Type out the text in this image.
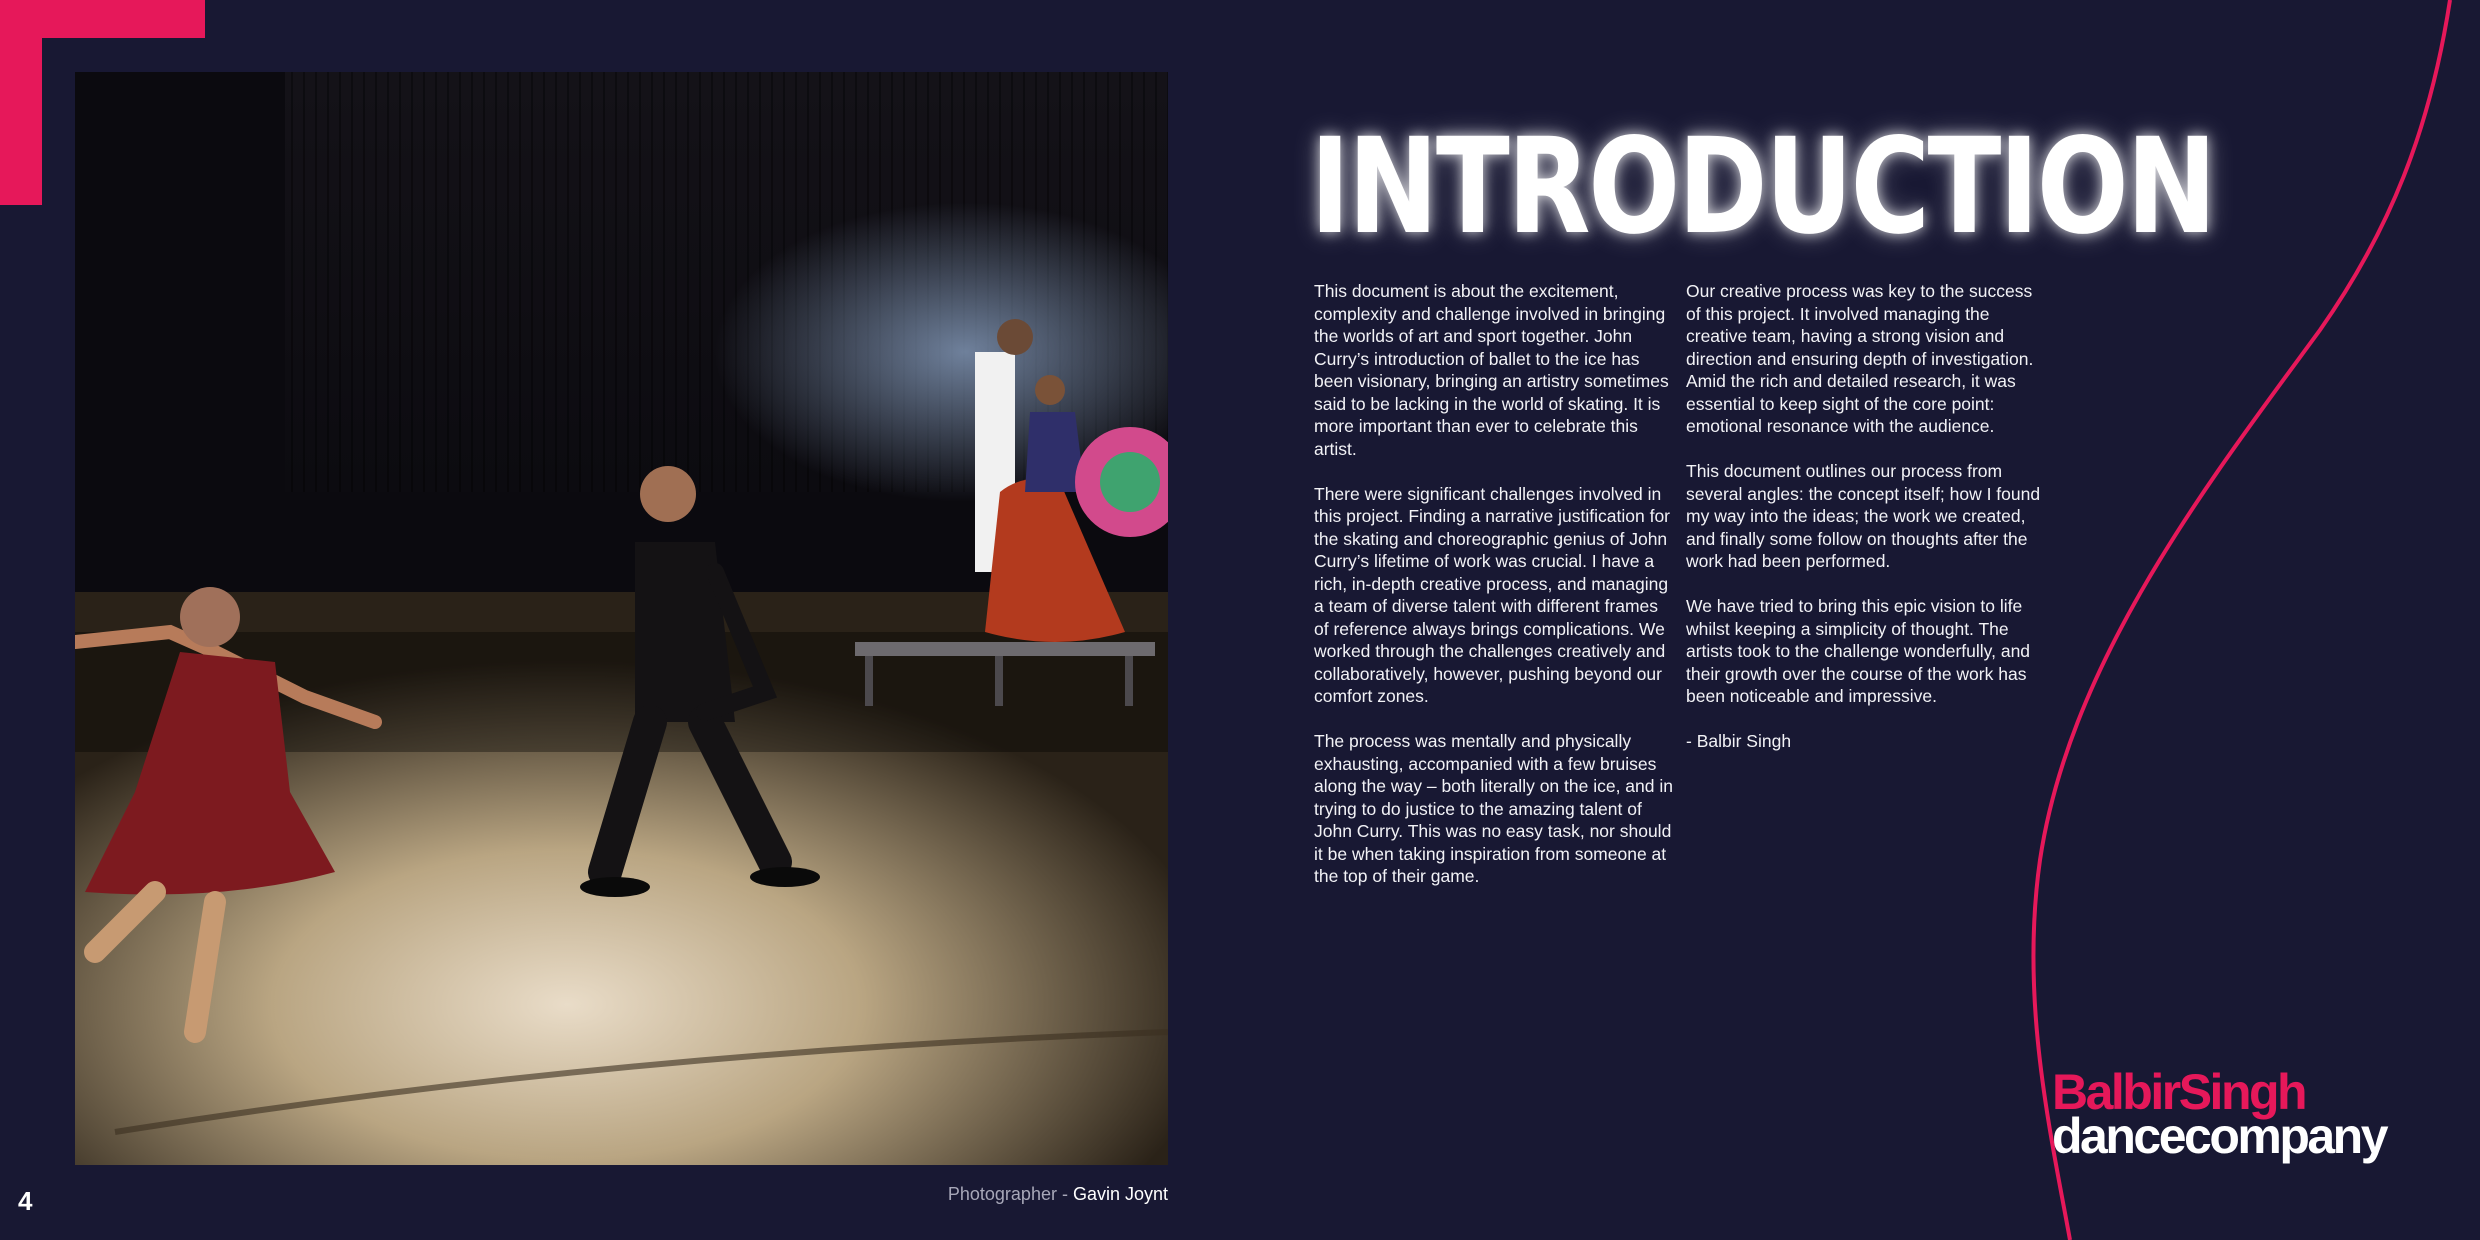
4	Photographer - Gavin Joynt
INTRODUCTION

This document is about the excitement, complexity and challenge involved in bringing the worlds of art and sport together. John Curry’s introduction of ballet to the ice has been visionary, bringing an artistry sometimes said to be lacking in the world of skating. It is more important than ever to celebrate this artist.

There were significant challenges involved in this project. Finding a narrative justification for the skating and choreographic genius of John Curry’s lifetime of work was crucial. I have a rich, in-depth creative process, and managing a team of diverse talent with different frames of reference always brings complications. We worked through the challenges creatively and collaboratively, however, pushing beyond our comfort zones.

The process was mentally and physically exhausting, accompanied with a few bruises along the way – both literally on the ice, and in trying to do justice to the amazing talent of John Curry. This was no easy task, nor should it be when taking inspiration from someone at the top of their game.

Our creative process was key to the success of this project. It involved managing the creative team, having a strong vision and direction and ensuring depth of investigation. Amid the rich and detailed research, it was essential to keep sight of the core point: emotional resonance with the audience.

This document outlines our process from several angles: the concept itself; how I found my way into the ideas; the work we created, and finally some follow on thoughts after the work had been performed.

We have tried to bring this epic vision to life whilst keeping a simplicity of thought. The artists took to the challenge wonderfully, and their growth over the course of the work has been noticeable and impressive.

- Balbir Singh

BalbirSingh
dancecompany
